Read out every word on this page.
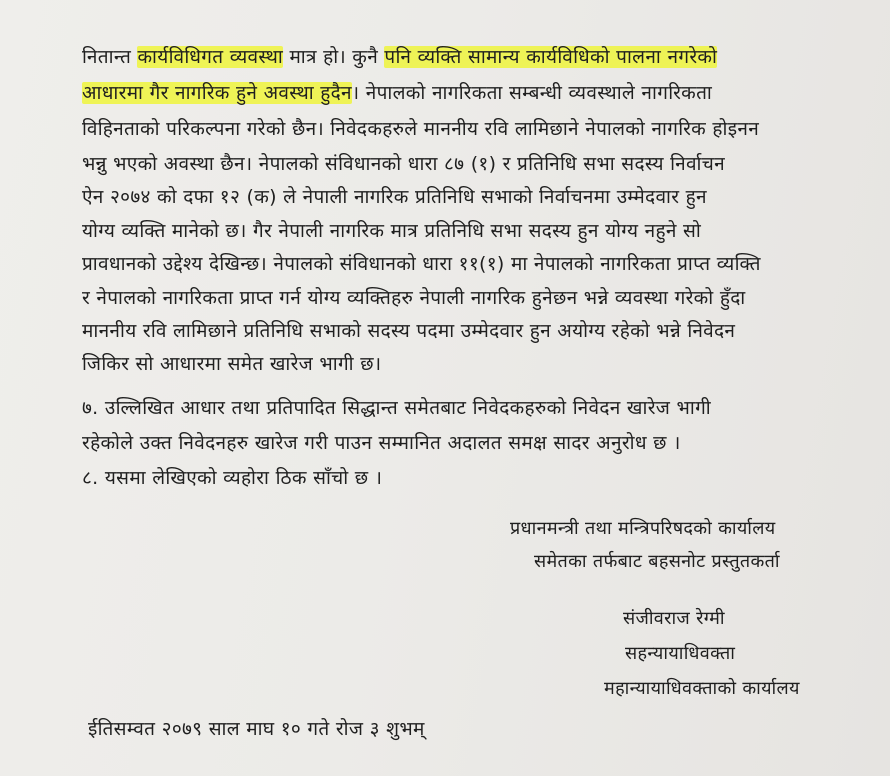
नितान्त कार्यविधिगत व्यवस्था मात्र हो। कुनै पनि व्यक्ति सामान्य कार्यविधिको पालना नगरेको
आधारमा गैर नागरिक हुने अवस्था हुदैन। नेपालको नागरिकता सम्बन्धी व्यवस्थाले नागरिकता
विहिनताको परिकल्पना गरेको छैन। निवेदकहरुले माननीय रवि लामिछाने नेपालको नागरिक होइनन
भन्नु भएको अवस्था छैन। नेपालको संविधानको धारा ८७ (१) र प्रतिनिधि सभा सदस्य निर्वाचन
ऐन २०७४ को दफा १२ (क) ले नेपाली नागरिक प्रतिनिधि सभाको निर्वाचनमा उम्मेदवार हुन
योग्य व्यक्ति मानेको छ। गैर नेपाली नागरिक मात्र प्रतिनिधि सभा सदस्य हुन योग्य नहुने सो
प्रावधानको उद्देश्य देखिन्छ। नेपालको संविधानको धारा ११(१) मा नेपालको नागरिकता प्राप्त व्यक्ति
र नेपालको नागरिकता प्राप्त गर्न योग्य व्यक्तिहरु नेपाली नागरिक हुनेछन भन्ने व्यवस्था गरेको हुँदा
माननीय रवि लामिछाने प्रतिनिधि सभाको सदस्य पदमा उम्मेदवार हुन अयोग्य रहेको भन्ने निवेदन
जिकिर सो आधारमा समेत खारेज भागी छ।
७. उल्लिखित आधार तथा प्रतिपादित सिद्धान्त समेतबाट निवेदकहरुको निवेदन खारेज भागी
रहेकोले उक्त निवेदनहरु खारेज गरी पाउन सम्मानित अदालत समक्ष सादर अनुरोध छ ।
८. यसमा लेखिएको व्यहोरा ठिक साँचो छ ।
प्रधानमन्त्री तथा मन्त्रिपरिषदको कार्यालय
समेतका तर्फबाट बहसनोट प्रस्तुतकर्ता
संजीवराज रेग्मी
सहन्यायाधिवक्ता
महान्यायाधिवक्ताको कार्यालय
ईतिसम्वत २०७९ साल माघ १० गते रोज ३ शुभम्
